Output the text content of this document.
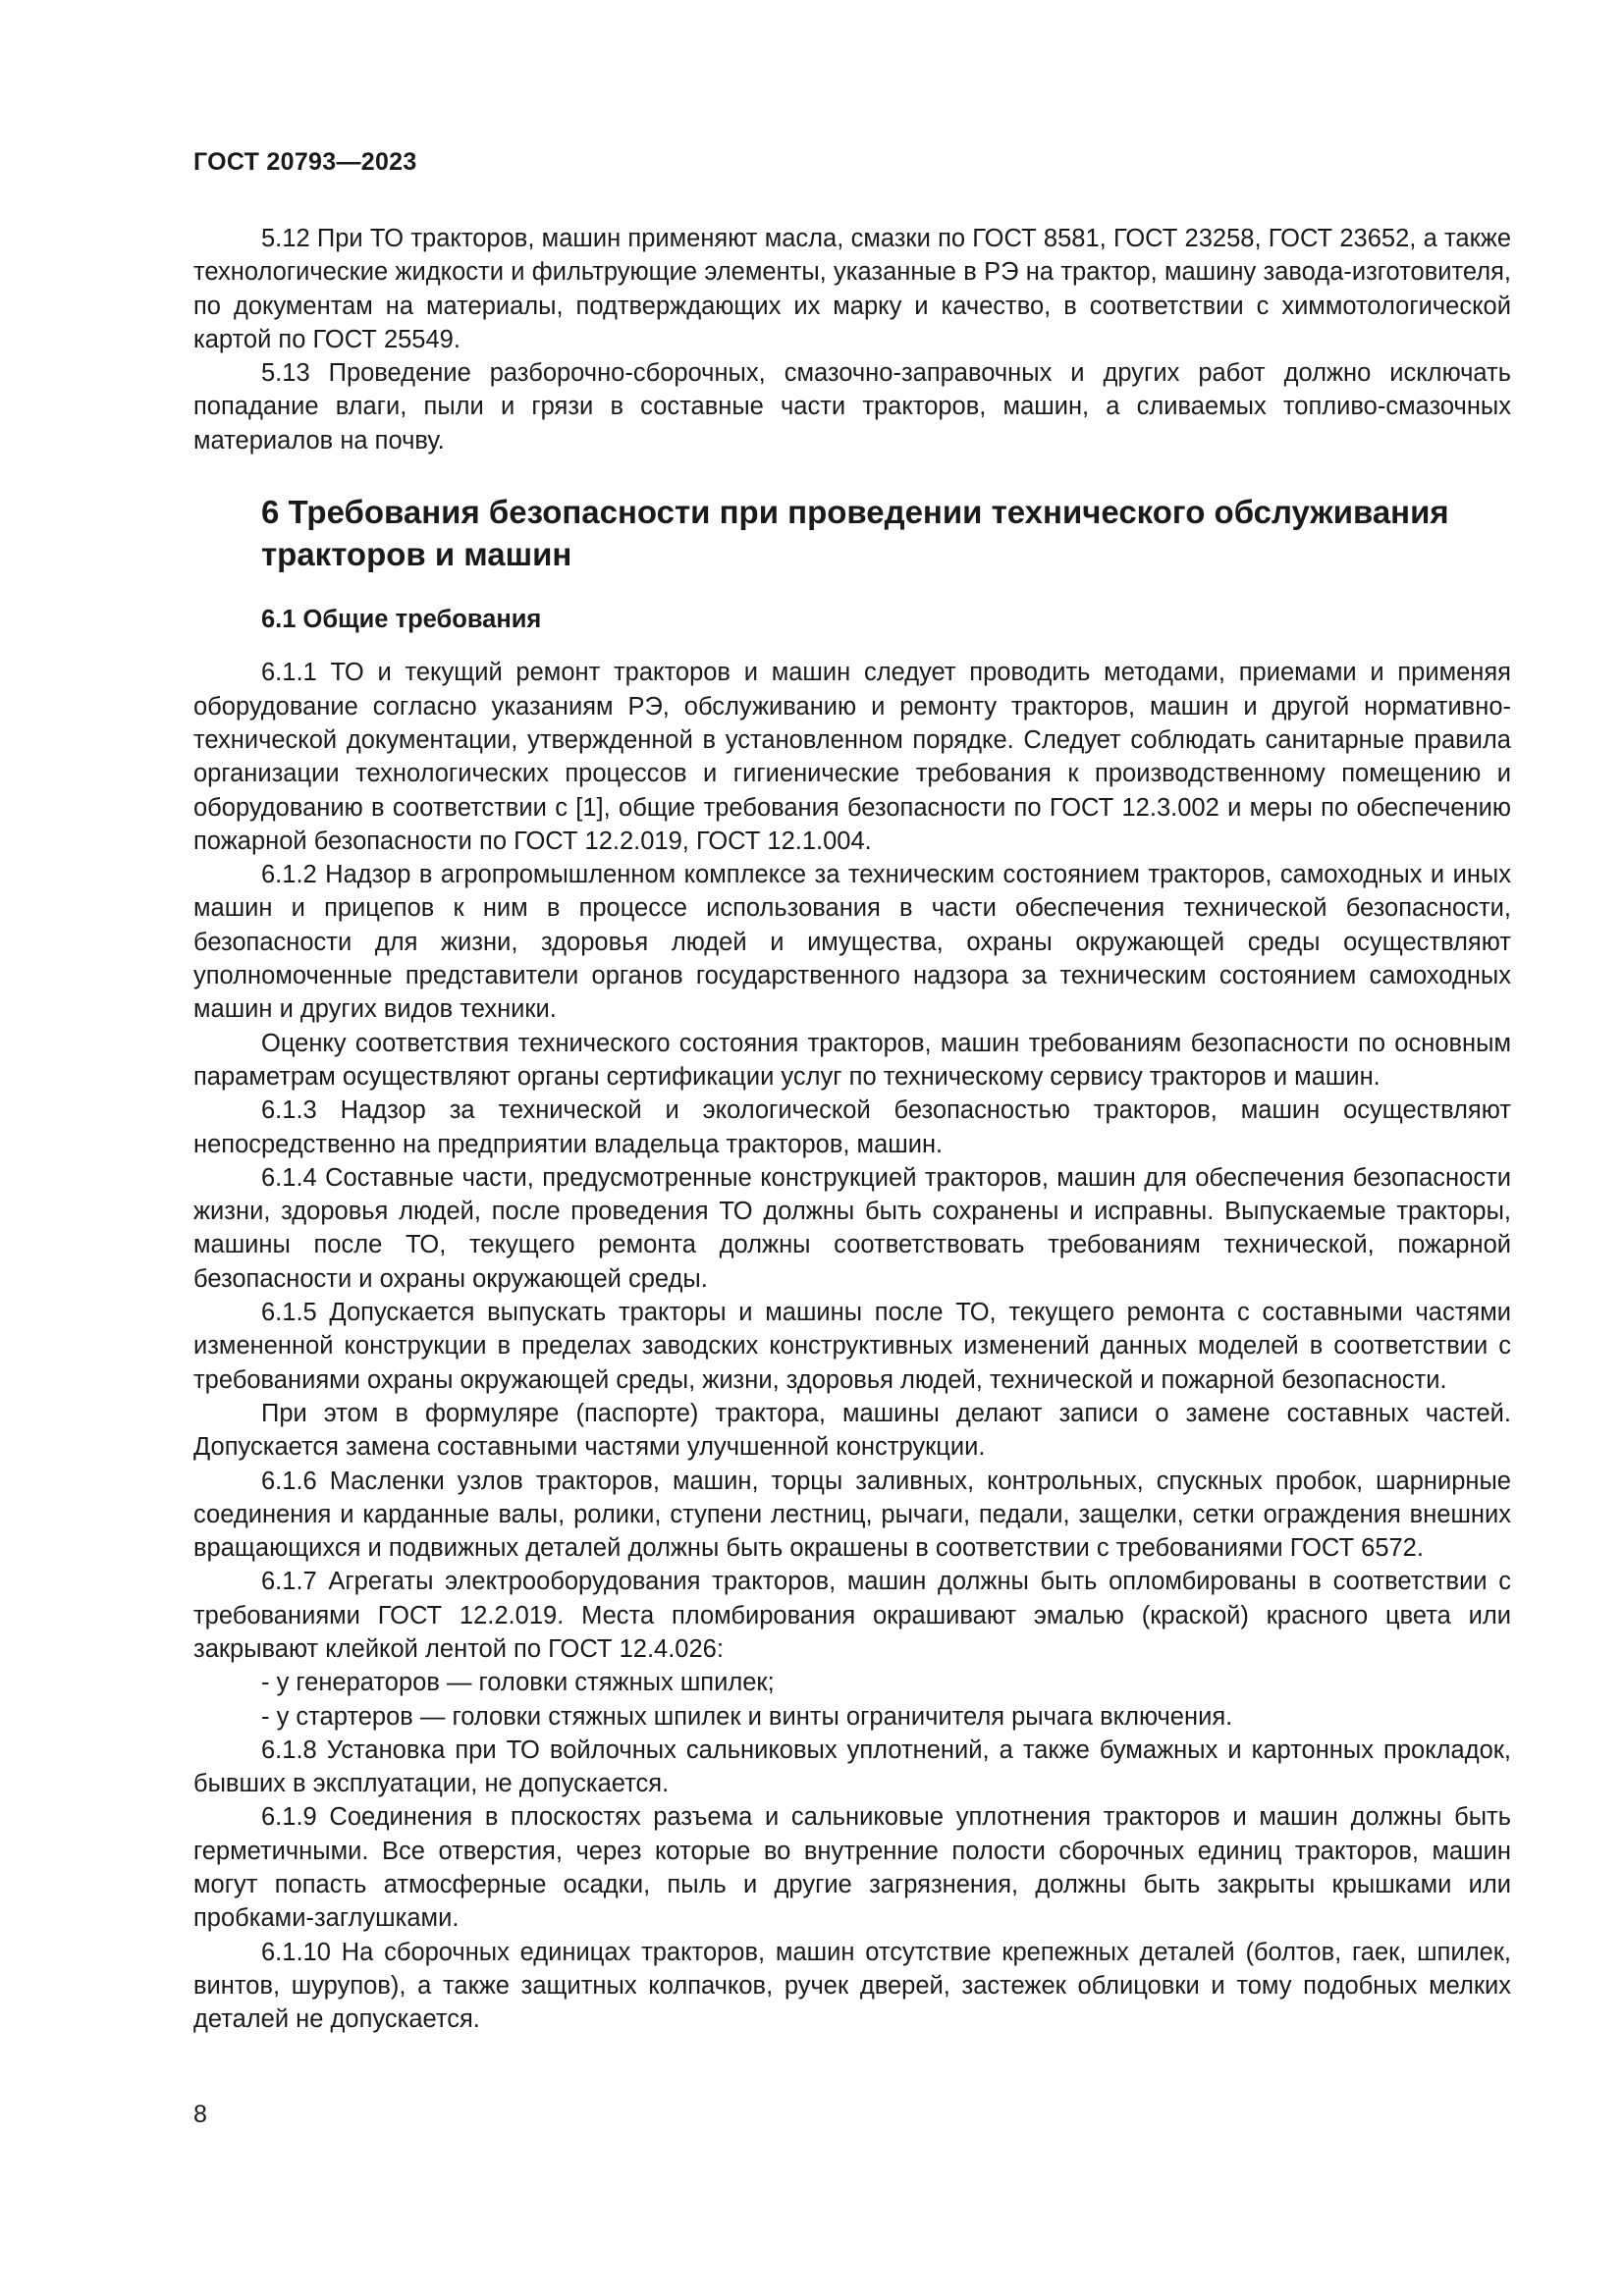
ГОСТ 20793—2023

5.12 При ТО тракторов, машин применяют масла, смазки по ГОСТ 8581, ГОСТ 23258, ГОСТ 23652, а также технологические жидкости и фильтрующие элементы, указанные в РЭ на трактор, машину завода-изготовителя, по документам на материалы, подтверждающих их марку и качество, в соответствии с химмотологической картой по ГОСТ 25549.

5.13 Проведение разборочно-сборочных, смазочно-заправочных и других работ должно исключать попадание влаги, пыли и грязи в составные части тракторов, машин, а сливаемых топливо-смазочных материалов на почву.

6 Требования безопасности при проведении технического обслуживания тракторов и машин
6.1 Общие требования

6.1.1 ТО и текущий ремонт тракторов и машин следует проводить методами, приемами и применяя оборудование согласно указаниям РЭ, обслуживанию и ремонту тракторов, машин и другой нормативно-технической документации, утвержденной в установленном порядке. Следует соблюдать санитарные правила организации технологических процессов и гигиенические требования к производственному помещению и оборудованию в соответствии с [1], общие требования безопасности по ГОСТ 12.3.002 и меры по обеспечению пожарной безопасности по ГОСТ 12.2.019, ГОСТ 12.1.004.

6.1.2 Надзор в агропромышленном комплексе за техническим состоянием тракторов, самоходных и иных машин и прицепов к ним в процессе использования в части обеспечения технической безопасности, безопасности для жизни, здоровья людей и имущества, охраны окружающей среды осуществляют уполномоченные представители органов государственного надзора за техническим состоянием самоходных машин и других видов техники.

Оценку соответствия технического состояния тракторов, машин требованиям безопасности по основным параметрам осуществляют органы сертификации услуг по техническому сервису тракторов и машин.

6.1.3 Надзор за технической и экологической безопасностью тракторов, машин осуществляют непосредственно на предприятии владельца тракторов, машин.

6.1.4 Составные части, предусмотренные конструкцией тракторов, машин для обеспечения безопасности жизни, здоровья людей, после проведения ТО должны быть сохранены и исправны. Выпускаемые тракторы, машины после ТО, текущего ремонта должны соответствовать требованиям технической, пожарной безопасности и охраны окружающей среды.

6.1.5 Допускается выпускать тракторы и машины после ТО, текущего ремонта с составными частями измененной конструкции в пределах заводских конструктивных изменений данных моделей в соответствии с требованиями охраны окружающей среды, жизни, здоровья людей, технической и пожарной безопасности.

При этом в формуляре (паспорте) трактора, машины делают записи о замене составных частей. Допускается замена составными частями улучшенной конструкции.

6.1.6 Масленки узлов тракторов, машин, торцы заливных, контрольных, спускных пробок, шарнирные соединения и карданные валы, ролики, ступени лестниц, рычаги, педали, защелки, сетки ограждения внешних вращающихся и подвижных деталей должны быть окрашены в соответствии с требованиями ГОСТ 6572.

6.1.7 Агрегаты электрооборудования тракторов, машин должны быть опломбированы в соответствии с требованиями ГОСТ 12.2.019. Места пломбирования окрашивают эмалью (краской) красного цвета или закрывают клейкой лентой по ГОСТ 12.4.026:

- у генераторов — головки стяжных шпилек;

- у стартеров — головки стяжных шпилек и винты ограничителя рычага включения.

6.1.8 Установка при ТО войлочных сальниковых уплотнений, а также бумажных и картонных прокладок, бывших в эксплуатации, не допускается.

6.1.9 Соединения в плоскостях разъема и сальниковые уплотнения тракторов и машин должны быть герметичными. Все отверстия, через которые во внутренние полости сборочных единиц тракторов, машин могут попасть атмосферные осадки, пыль и другие загрязнения, должны быть закрыты крышками или пробками-заглушками.

6.1.10 На сборочных единицах тракторов, машин отсутствие крепежных деталей (болтов, гаек, шпилек, винтов, шурупов), а также защитных колпачков, ручек дверей, застежек облицовки и тому подобных мелких деталей не допускается.

8
